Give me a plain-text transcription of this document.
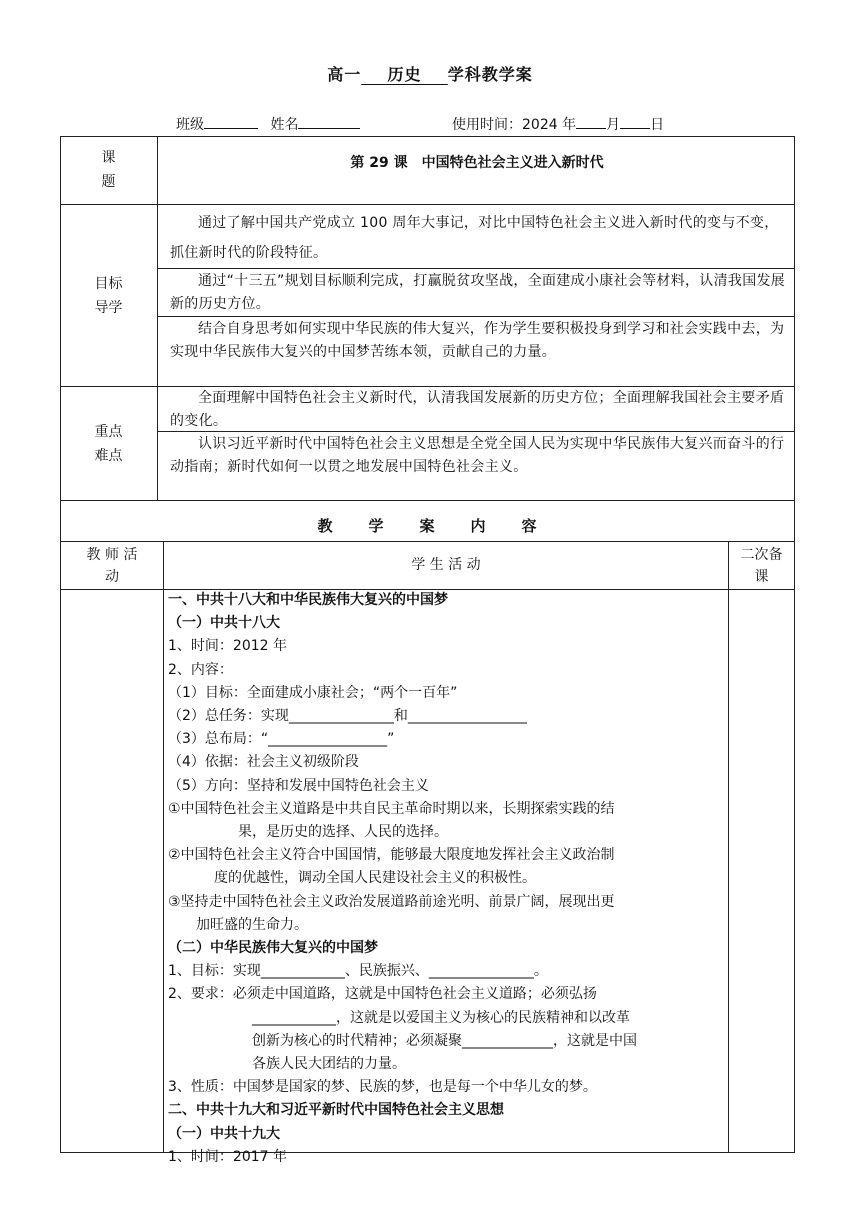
高一 历史 学科教学案
班级	姓名	使用时间：2024 年 月 日
课
题
第 29 课 中国特色社会主义进入新时代
目标
导学
通过了解中国共产党成立 100 周年大事记，对比中国特色社会主义进入新时代的变与不变，抓住新时代的阶段特征。
通过“十三五”规划目标顺利完成，打赢脱贫攻坚战，全面建成小康社会等材料，认清我国发展新的历史方位。
结合自身思考如何实现中华民族的伟大复兴，作为学生要积极投身到学习和社会实践中去，为实现中华民族伟大复兴的中国梦苦练本领，贡献自己的力量。
重点
难点
全面理解中国特色社会主义新时代，认清我国发展新的历史方位；全面理解我国社会主要矛盾的变化。
认识习近平新时代中国特色社会主义思想是全党全国人民为实现中华民族伟大复兴而奋斗的行动指南；新时代如何一以贯之地发展中国特色社会主义。
教 学 案 内 容
教 师 活
动
学 生 活 动
二次备
课
一、中共十八大和中华民族伟大复兴的中国梦
（一）中共十八大
1、时间：2012 年
2、内容：
（1）目标：全面建成小康社会；“两个一百年”
（2）总任务：实现_______________和_________________
（3）总布局：“_________________”
（4）依据：社会主义初级阶段
（5）方向：坚持和发展中国特色社会主义
①中国特色社会主义道路是中共自民主革命时期以来，长期探索实践的结
果，是历史的选择、人民的选择。
②中国特色社会主义符合中国国情，能够最大限度地发挥社会主义政治制
度的优越性，调动全国人民建设社会主义的积极性。
③坚持走中国特色社会主义政治发展道路前途光明、前景广阔，展现出更
加旺盛的生命力。
（二）中华民族伟大复兴的中国梦
1、目标：实现____________、民族振兴、_______________。
2、要求：必须走中国道路，这就是中国特色社会主义道路；必须弘扬
____________，这就是以爱国主义为核心的民族精神和以改革
创新为核心的时代精神；必须凝聚_____________，这就是中国
各族人民大团结的力量。
3、性质：中国梦是国家的梦、民族的梦，也是每一个中华儿女的梦。
二、中共十九大和习近平新时代中国特色社会主义思想
（一）中共十九大
1、时间：2017 年
